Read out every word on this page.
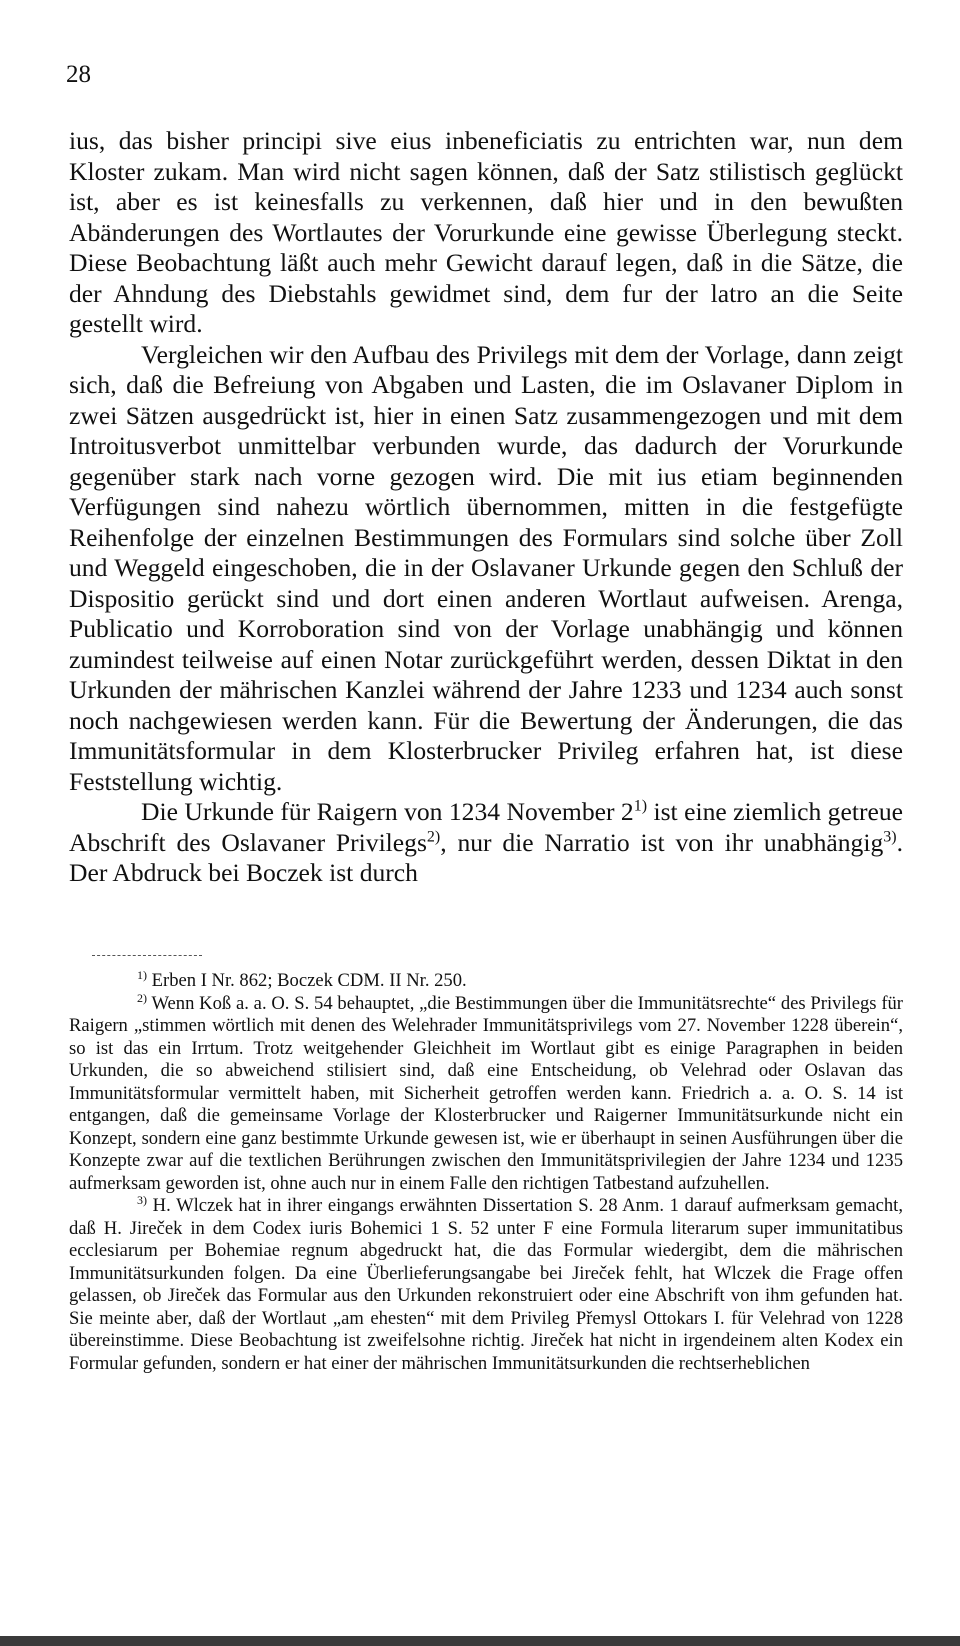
28

ius, das bisher principi sive eius inbeneficiatis zu entrichten war, nun dem Kloster zukam. Man wird nicht sagen können, daß der Satz stilistisch geglückt ist, aber es ist keinesfalls zu verkennen, daß hier und in den bewußten Abänderungen des Wortlautes der Vorurkunde eine gewisse Überlegung steckt. Diese Beobachtung läßt auch mehr Gewicht darauf legen, daß in die Sätze, die der Ahndung des Diebstahls gewidmet sind, dem fur der latro an die Seite gestellt wird.

Vergleichen wir den Aufbau des Privilegs mit dem der Vorlage, dann zeigt sich, daß die Befreiung von Abgaben und Lasten, die im Oslavaner Diplom in zwei Sätzen ausgedrückt ist, hier in einen Satz zusammengezogen und mit dem Introitusverbot unmittelbar verbunden wurde, das dadurch der Vorurkunde gegenüber stark nach vorne gezogen wird. Die mit ius etiam beginnenden Verfügungen sind nahezu wörtlich übernommen, mitten in die festgefügte Reihenfolge der einzelnen Bestimmungen des Formulars sind solche über Zoll und Weggeld eingeschoben, die in der Oslavaner Urkunde gegen den Schluß der Dispositio gerückt sind und dort einen anderen Wortlaut aufweisen. Arenga, Publicatio und Korroboration sind von der Vorlage unabhängig und können zumindest teilweise auf einen Notar zurückgeführt werden, dessen Diktat in den Urkunden der mährischen Kanzlei während der Jahre 1233 und 1234 auch sonst noch nachgewiesen werden kann. Für die Bewertung der Änderungen, die das Immunitätsformular in dem Klosterbrucker Privileg erfahren hat, ist diese Feststellung wichtig.

Die Urkunde für Raigern von 1234 November 2$^{1)}$ ist eine ziemlich getreue Abschrift des Oslavaner Privilegs$^{2)}$, nur die Narratio ist von ihr unabhängig$^{3)}$. Der Abdruck bei Boczek ist durch

$^{1)}$ Erben I Nr. 862; Boczek CDM. II Nr. 250.

$^{2)}$ Wenn Koß a. a. O. S. 54 behauptet, „die Bestimmungen über die Immunitätsrechte“ des Privilegs für Raigern „stimmen wörtlich mit denen des Welehrader Immunitätsprivilegs vom 27. November 1228 überein“, so ist das ein Irrtum. Trotz weitgehender Gleichheit im Wortlaut gibt es einige Paragraphen in beiden Urkunden, die so abweichend stilisiert sind, daß eine Entscheidung, ob Velehrad oder Oslavan das Immunitätsformular vermittelt haben, mit Sicherheit getroffen werden kann. Friedrich a. a. O. S. 14 ist entgangen, daß die gemeinsame Vorlage der Klosterbrucker und Raigerner Immunitätsurkunde nicht ein Konzept, sondern eine ganz bestimmte Urkunde gewesen ist, wie er überhaupt in seinen Ausführungen über die Konzepte zwar auf die textlichen Berührungen zwischen den Immunitätsprivilegien der Jahre 1234 und 1235 aufmerksam geworden ist, ohne auch nur in einem Falle den richtigen Tatbestand aufzuhellen.

$^{3)}$ H. Wlczek hat in ihrer eingangs erwähnten Dissertation S. 28 Anm. 1 darauf aufmerksam gemacht, daß H. Jireček in dem Codex iuris Bohemici 1 S. 52 unter F eine Formula literarum super immunitatibus ecclesiarum per Bohemiae regnum abgedruckt hat, die das Formular wiedergibt, dem die mährischen Immunitätsurkunden folgen. Da eine Überlieferungsangabe bei Jireček fehlt, hat Wlczek die Frage offen gelassen, ob Jireček das Formular aus den Urkunden rekonstruiert oder eine Abschrift von ihm gefunden hat. Sie meinte aber, daß der Wortlaut „am ehesten“ mit dem Privileg Přemysl Ottokars I. für Velehrad von 1228 übereinstimme. Diese Beobachtung ist zweifelsohne richtig. Jireček hat nicht in irgendeinem alten Kodex ein Formular gefunden, sondern er hat einer der mährischen Immunitätsurkunden die rechtserheblichen
